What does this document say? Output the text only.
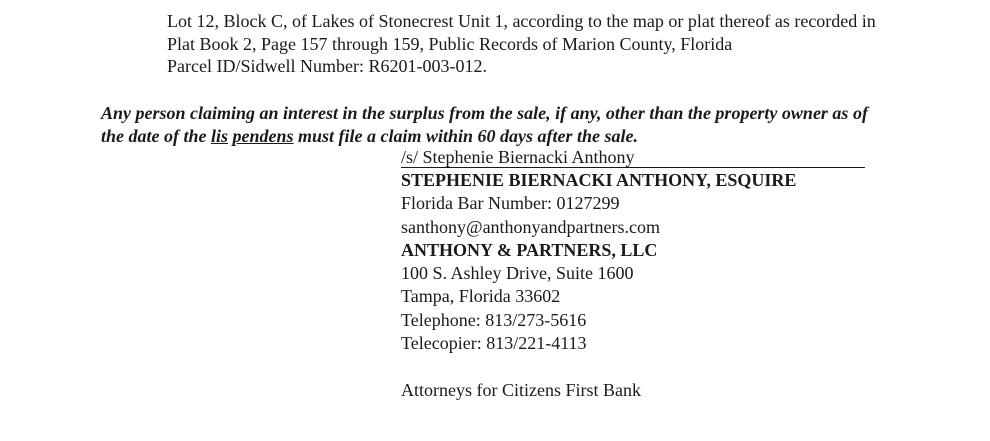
Lot 12, Block C, of Lakes of Stonecrest Unit 1, according to the map or plat thereof as recorded in
Plat Book 2, Page 157 through 159, Public Records of Marion County, Florida
Parcel ID/Sidwell Number: R6201-003-012.
Any person claiming an interest in the surplus from the sale, if any, other than the property owner as of
the date of the lis pendens must file a claim within 60 days after the sale.
/s/ Stephenie Biernacki Anthony
STEPHENIE BIERNACKI ANTHONY, ESQUIRE
Florida Bar Number: 0127299
santhony@anthonyandpartners.com
ANTHONY & PARTNERS, LLC
100 S. Ashley Drive, Suite 1600
Tampa, Florida 33602
Telephone: 813/273-5616
Telecopier: 813/221-4113
Attorneys for Citizens First Bank
